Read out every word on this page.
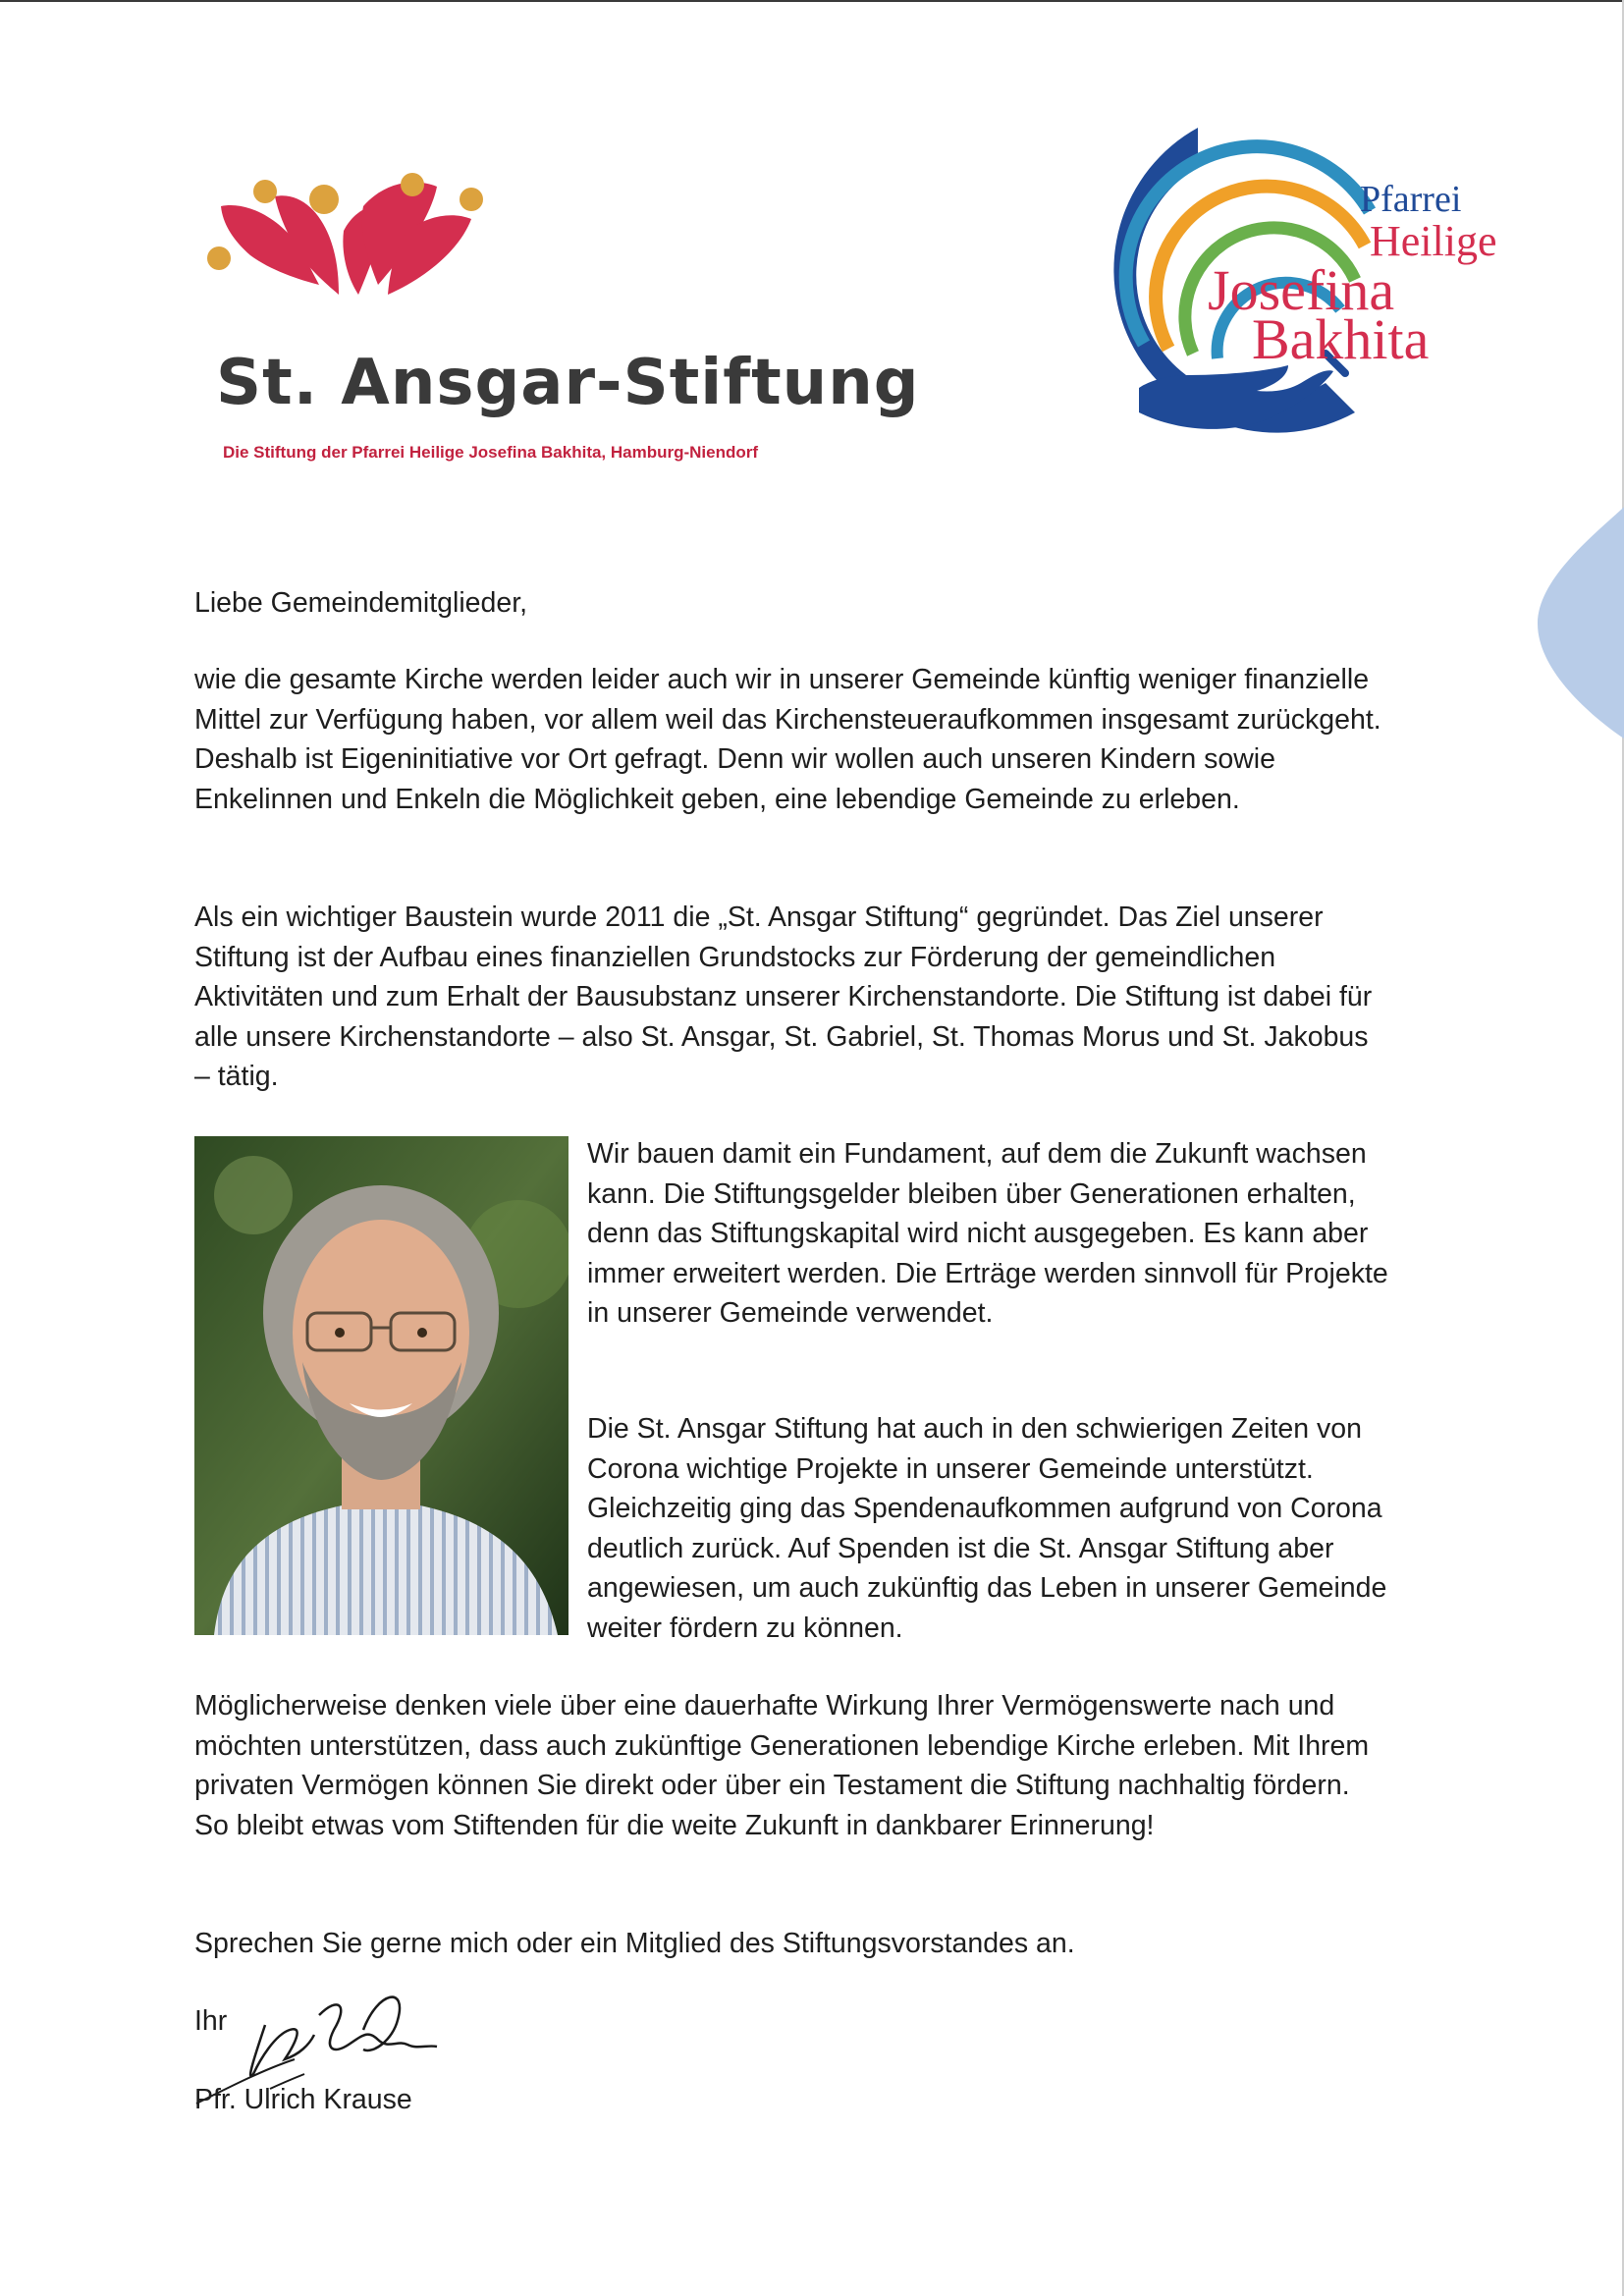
St. Ansgar-Stiftung

Die Stiftung der Pfarrei Heilige Josefina Bakhita, Hamburg-Niendorf

Pfarrei
Heilige
Josefina
Bakhita

Liebe Gemeindemitglieder,

wie die gesamte Kirche werden leider auch wir in unserer Gemeinde künftig weniger finanzielle Mittel zur Verfügung haben, vor allem weil das Kirchensteueraufkommen insgesamt zurückgeht. Deshalb ist Eigeninitiative vor Ort gefragt. Denn wir wollen auch unseren Kindern sowie Enkelinnen und Enkeln die Möglichkeit geben, eine lebendige Gemeinde zu erleben.

Als ein wichtiger Baustein wurde 2011 die „St. Ansgar Stiftung“ gegründet. Das Ziel unserer Stiftung ist der Aufbau eines finanziellen Grundstocks zur Förderung der gemeindlichen Aktivitäten und zum Erhalt der Bausubstanz unserer Kirchenstandorte. Die Stiftung ist dabei für alle unsere Kirchenstandorte – also St. Ansgar, St. Gabriel, St. Thomas Morus und St. Jakobus – tätig.

Wir bauen damit ein Fundament, auf dem die Zukunft wachsen kann. Die Stiftungsgelder bleiben über Generationen erhalten, denn das Stiftungskapital wird nicht ausgegeben. Es kann aber immer erweitert werden. Die Erträge werden sinnvoll für Projekte in unserer Gemeinde verwendet.

Die St. Ansgar Stiftung hat auch in den schwierigen Zeiten von Corona wichtige Projekte in unserer Gemeinde unterstützt. Gleichzeitig ging das Spendenaufkommen aufgrund von Corona deutlich zurück. Auf Spenden ist die St. Ansgar Stiftung aber angewiesen, um auch zukünftig das Leben in unserer Gemeinde weiter fördern zu können.

Möglicherweise denken viele über eine dauerhafte Wirkung Ihrer Vermögenswerte nach und möchten unterstützen, dass auch zukünftige Generationen lebendige Kirche erleben. Mit Ihrem privaten Vermögen können Sie direkt oder über ein Testament die Stiftung nachhaltig fördern. So bleibt etwas vom Stiftenden für die weite Zukunft in dankbarer Erinnerung!

Sprechen Sie gerne mich oder ein Mitglied des Stiftungsvorstandes an.

Ihr
Pfr. Ulrich Krause
